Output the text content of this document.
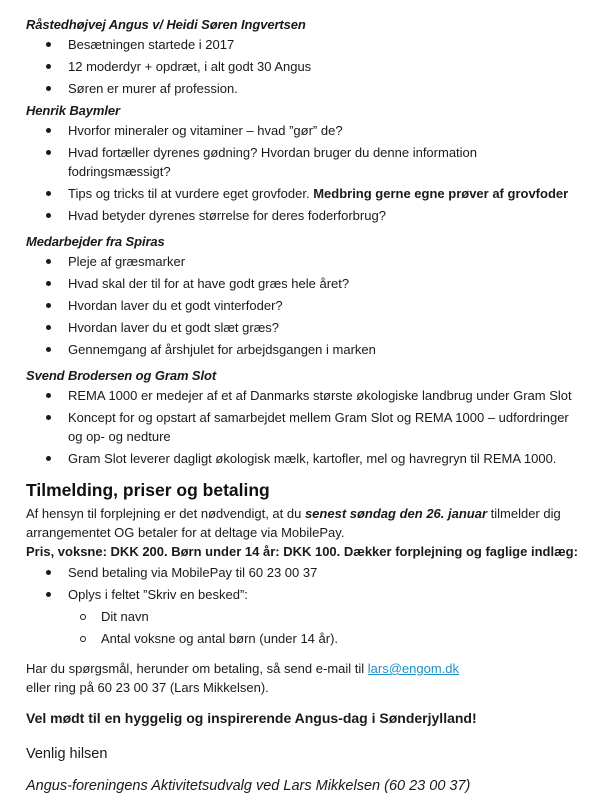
Råstedhøjvej Angus v/ Heidi Søren Ingvertsen

Besætningen startede i 2017
12 moderdyr + opdræt, i alt godt 30 Angus
Søren er murer af profession.

Henrik Baymler

Hvorfor mineraler og vitaminer – hvad ”gør” de?
Hvad fortæller dyrenes gødning? Hvordan bruger du denne information fodringsmæssigt?
Tips og tricks til at vurdere eget grovfoder. Medbring gerne egne prøver af grovfoder
Hvad betyder dyrenes størrelse for deres foderforbrug?

Medarbejder fra Spiras

Pleje af græsmarker
Hvad skal der til for at have godt græs hele året?
Hvordan laver du et godt vinterfoder?
Hvordan laver du et godt slæt græs?
Gennemgang af årshjulet for arbejdsgangen i marken

Svend Brodersen og Gram Slot

REMA 1000 er medejer af et af Danmarks største økologiske landbrug under Gram Slot
Koncept for og opstart af samarbejdet mellem Gram Slot og REMA 1000 – udfordringer og op- og nedture
Gram Slot leverer dagligt økologisk mælk, kartofler, mel og havregryn til REMA 1000.
Tilmelding, priser og betaling

Af hensyn til forplejning er det nødvendigt, at du senest søndag den 26. januar tilmelder dig arrangementet OG betaler for at deltage via MobilePay.

Pris, voksne: DKK 200. Børn under 14 år: DKK 100. Dækker forplejning og faglige indlæg:

Send betaling via MobilePay til 60 23 00 37
Oplys i feltet ”Skriv en besked”:
Dit navn
Antal voksne og antal børn (under 14 år).

Har du spørgsmål, herunder om betaling, så send e-mail til lars@engom.dk

eller ring på 60 23 00 37 (Lars Mikkelsen).

Vel mødt til en hyggelig og inspirerende Angus-dag i Sønderjylland!

Venlig hilsen

Angus-foreningens Aktivitetsudvalg ved Lars Mikkelsen (60 23 00 37)
